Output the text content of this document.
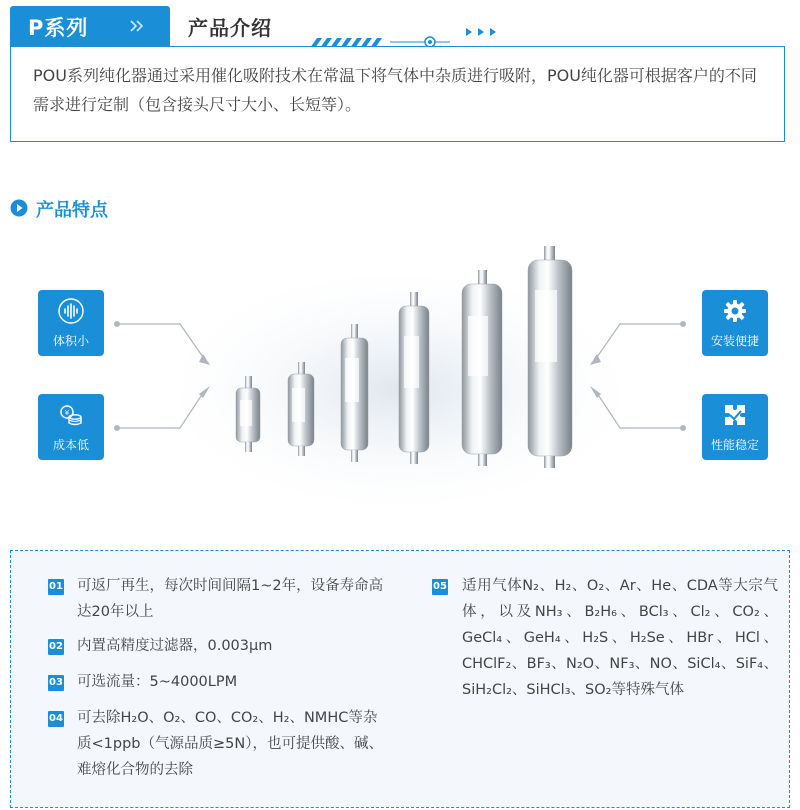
P系列	产品介绍

POU系列纯化器通过采用催化吸附技术在常温下将气体中杂质进行吸附，POU纯化器可根据客户的不同需求进行定制（包含接头尺寸大小、长短等）。

产品特点
体积小
¥
成本低
安装便捷
性能稳定
01 可返厂再生，每次时间间隔1~2年，设备寿命高达20年以上
02 内置高精度过滤器，0.003μm
03 可选流量：5~4000LPM
04 可去除H₂O、O₂、CO、CO₂、H₂、NMHC等杂质<1ppb（气源品质≥5N），也可提供酸、碱、难熔化合物的去除
05 适用气体N₂、H₂、O₂、Ar、He、CDA等大宗气体，以及NH₃、B₂H₆、BCl₃、Cl₂、CO₂、GeCl₄、GeH₄、H₂S、H₂Se、HBr、HCl、CHClF₂、BF₃、N₂O、NF₃、NO、SiCl₄、SiF₄、SiH₂Cl₂、SiHCl₃、SO₂等特殊气体
